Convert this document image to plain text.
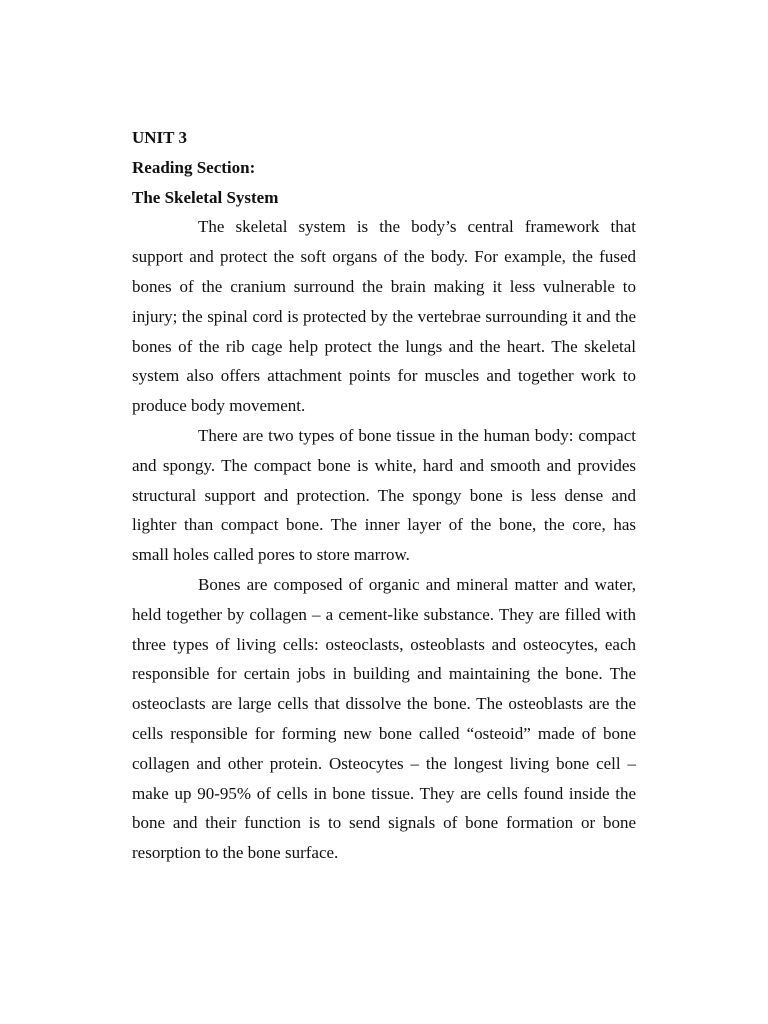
UNIT 3

Reading Section:

The Skeletal System

The skeletal system is the body’s central framework that support and protect the soft organs of the body. For example, the fused bones of the cranium surround the brain making it less vulnerable to injury; the spinal cord is protected by the vertebrae surrounding it and the bones of the rib cage help protect the lungs and the heart. The skeletal system also offers attachment points for muscles and together work to produce body movement.

There are two types of bone tissue in the human body: compact and spongy. The compact bone is white, hard and smooth and provides structural support and protection. The spongy bone is less dense and lighter than compact bone. The inner layer of the bone, the core, has small holes called pores to store marrow.

Bones are composed of organic and mineral matter and water, held together by collagen – a cement-like substance. They are filled with three types of living cells: osteoclasts, osteoblasts and osteocytes, each responsible for certain jobs in building and maintaining the bone. The osteoclasts are large cells that dissolve the bone. The osteoblasts are the cells responsible for forming new bone called “osteoid” made of bone collagen and other protein. Osteocytes – the longest living bone cell – make up 90-95% of cells in bone tissue. They are cells found inside the bone and their function is to send signals of bone formation or bone resorption to the bone surface.
